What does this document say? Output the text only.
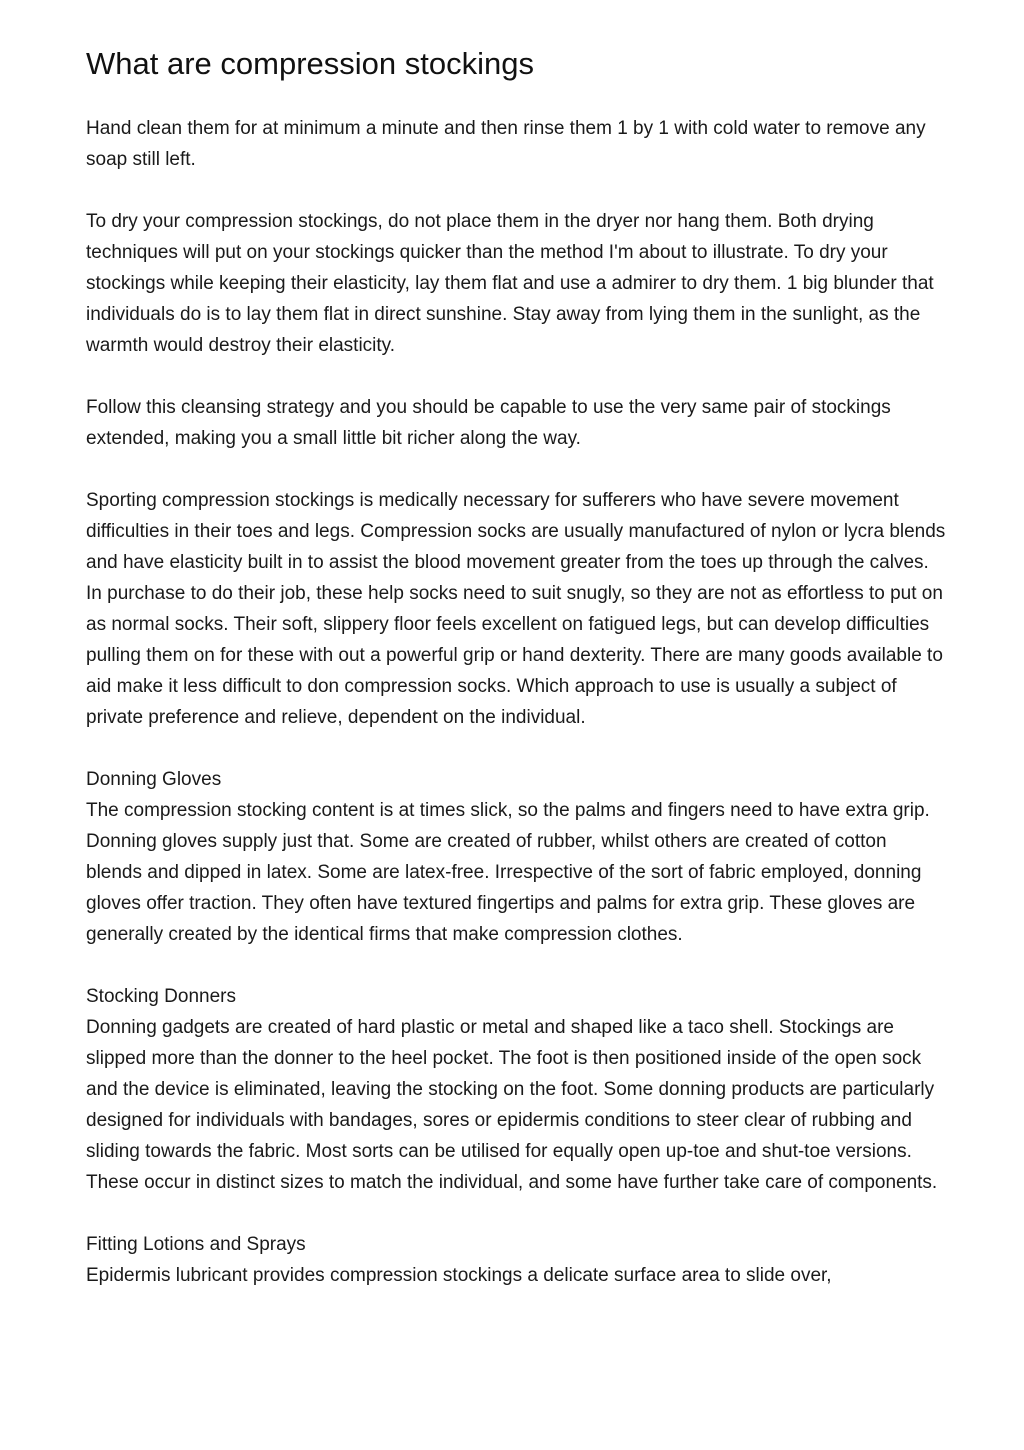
What are compression stockings

Hand clean them for at minimum a minute and then rinse them 1 by 1 with cold water to remove any soap still left.

To dry your compression stockings, do not place them in the dryer nor hang them. Both drying techniques will put on your stockings quicker than the method I'm about to illustrate. To dry your stockings while keeping their elasticity, lay them flat and use a admirer to dry them. 1 big blunder that individuals do is to lay them flat in direct sunshine. Stay away from lying them in the sunlight, as the warmth would destroy their elasticity.

Follow this cleansing strategy and you should be capable to use the very same pair of stockings extended, making you a small little bit richer along the way.

Sporting compression stockings is medically necessary for sufferers who have severe movement difficulties in their toes and legs. Compression socks are usually manufactured of nylon or lycra blends and have elasticity built in to assist the blood movement greater from the toes up through the calves. In purchase to do their job, these help socks need to suit snugly, so they are not as effortless to put on as normal socks. Their soft, slippery floor feels excellent on fatigued legs, but can develop difficulties pulling them on for these with out a powerful grip or hand dexterity. There are many goods available to aid make it less difficult to don compression socks. Which approach to use is usually a subject of private preference and relieve, dependent on the individual.

Donning Gloves
The compression stocking content is at times slick, so the palms and fingers need to have extra grip. Donning gloves supply just that. Some are created of rubber, whilst others are created of cotton blends and dipped in latex. Some are latex-free. Irrespective of the sort of fabric employed, donning gloves offer traction. They often have textured fingertips and palms for extra grip. These gloves are generally created by the identical firms that make compression clothes.

Stocking Donners
Donning gadgets are created of hard plastic or metal and shaped like a taco shell. Stockings are slipped more than the donner to the heel pocket. The foot is then positioned inside of the open sock and the device is eliminated, leaving the stocking on the foot. Some donning products are particularly designed for individuals with bandages, sores or epidermis conditions to steer clear of rubbing and sliding towards the fabric. Most sorts can be utilised for equally open up-toe and shut-toe versions. These occur in distinct sizes to match the individual, and some have further take care of components.

Fitting Lotions and Sprays
Epidermis lubricant provides compression stockings a delicate surface area to slide over,
